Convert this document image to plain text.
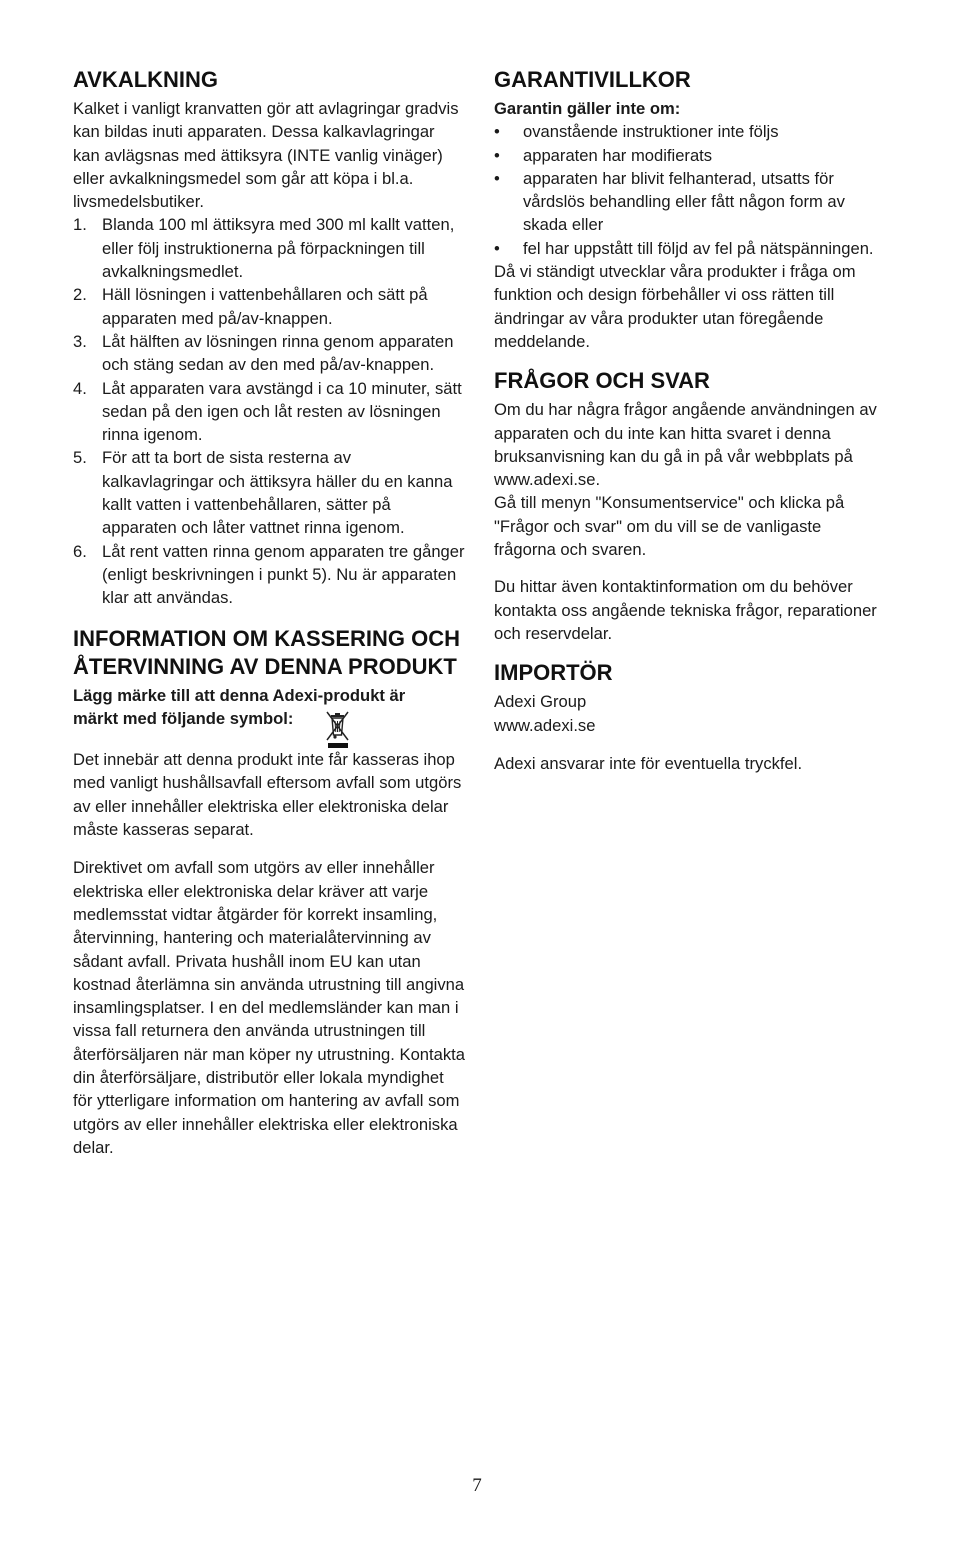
AVKALKNING

Kalket i vanligt kranvatten gör att avlagringar gradvis kan bildas inuti apparaten. Dessa kalkavlagringar kan avlägsnas med ättiksyra (INTE vanlig vinäger) eller avkalkningsmedel som går att köpa i bl.a. livsmedelsbutiker.

1. Blanda 100 ml ättiksyra med 300 ml kallt vatten, eller följ instruktionerna på förpackningen till avkalkningsmedlet.
2. Häll lösningen i vattenbehållaren och sätt på apparaten med på/av-knappen.
3. Låt hälften av lösningen rinna genom apparaten och stäng sedan av den med på/av-knappen.
4. Låt apparaten vara avstängd i ca 10 minuter, sätt sedan på den igen och låt resten av lösningen rinna igenom.
5. För att ta bort de sista resterna av kalkavlagringar och ättiksyra häller du en kanna kallt vatten i vattenbehållaren, sätter på apparaten och låter vattnet rinna igenom.
6. Låt rent vatten rinna genom apparaten tre gånger (enligt beskrivningen i punkt 5). Nu är apparaten klar att användas.
INFORMATION OM KASSERING OCH ÅTERVINNING AV DENNA PRODUKT

Lägg märke till att denna Adexi-produkt är märkt med följande symbol:

Det innebär att denna produkt inte får kasseras ihop med vanligt hushållsavfall eftersom avfall som utgörs av eller innehåller elektriska eller elektroniska delar måste kasseras separat.

Direktivet om avfall som utgörs av eller innehåller elektriska eller elektroniska delar kräver att varje medlemsstat vidtar åtgärder för korrekt insamling, återvinning, hantering och materialåtervinning av sådant avfall. Privata hushåll inom EU kan utan kostnad återlämna sin använda utrustning till angivna insamlingsplatser. I en del medlemsländer kan man i vissa fall returnera den använda utrustningen till återförsäljaren när man köper ny utrustning. Kontakta din återförsäljare, distributör eller lokala myndighet för ytterligare information om hantering av avfall som utgörs av eller innehåller elektriska eller elektroniska delar.

GARANTIVILLKOR

Garantin gäller inte om:

• ovanstående instruktioner inte följs
• apparaten har modifierats
• apparaten har blivit felhanterad, utsatts för vårdslös behandling eller fått någon form av skada eller
• fel har uppstått till följd av fel på nätspänningen.

Då vi ständigt utvecklar våra produkter i fråga om funktion och design förbehåller vi oss rätten till ändringar av våra produkter utan föregående meddelande.

FRÅGOR OCH SVAR

Om du har några frågor angående användningen av apparaten och du inte kan hitta svaret i denna bruksanvisning kan du gå in på vår webbplats på www.adexi.se.

Gå till menyn "Konsumentservice" och klicka på "Frågor och svar" om du vill se de vanligaste frågorna och svaren.

Du hittar även kontaktinformation om du behöver kontakta oss angående tekniska frågor, reparationer och reservdelar.

IMPORTÖR

Adexi Group

www.adexi.se

Adexi ansvarar inte för eventuella tryckfel.

7
